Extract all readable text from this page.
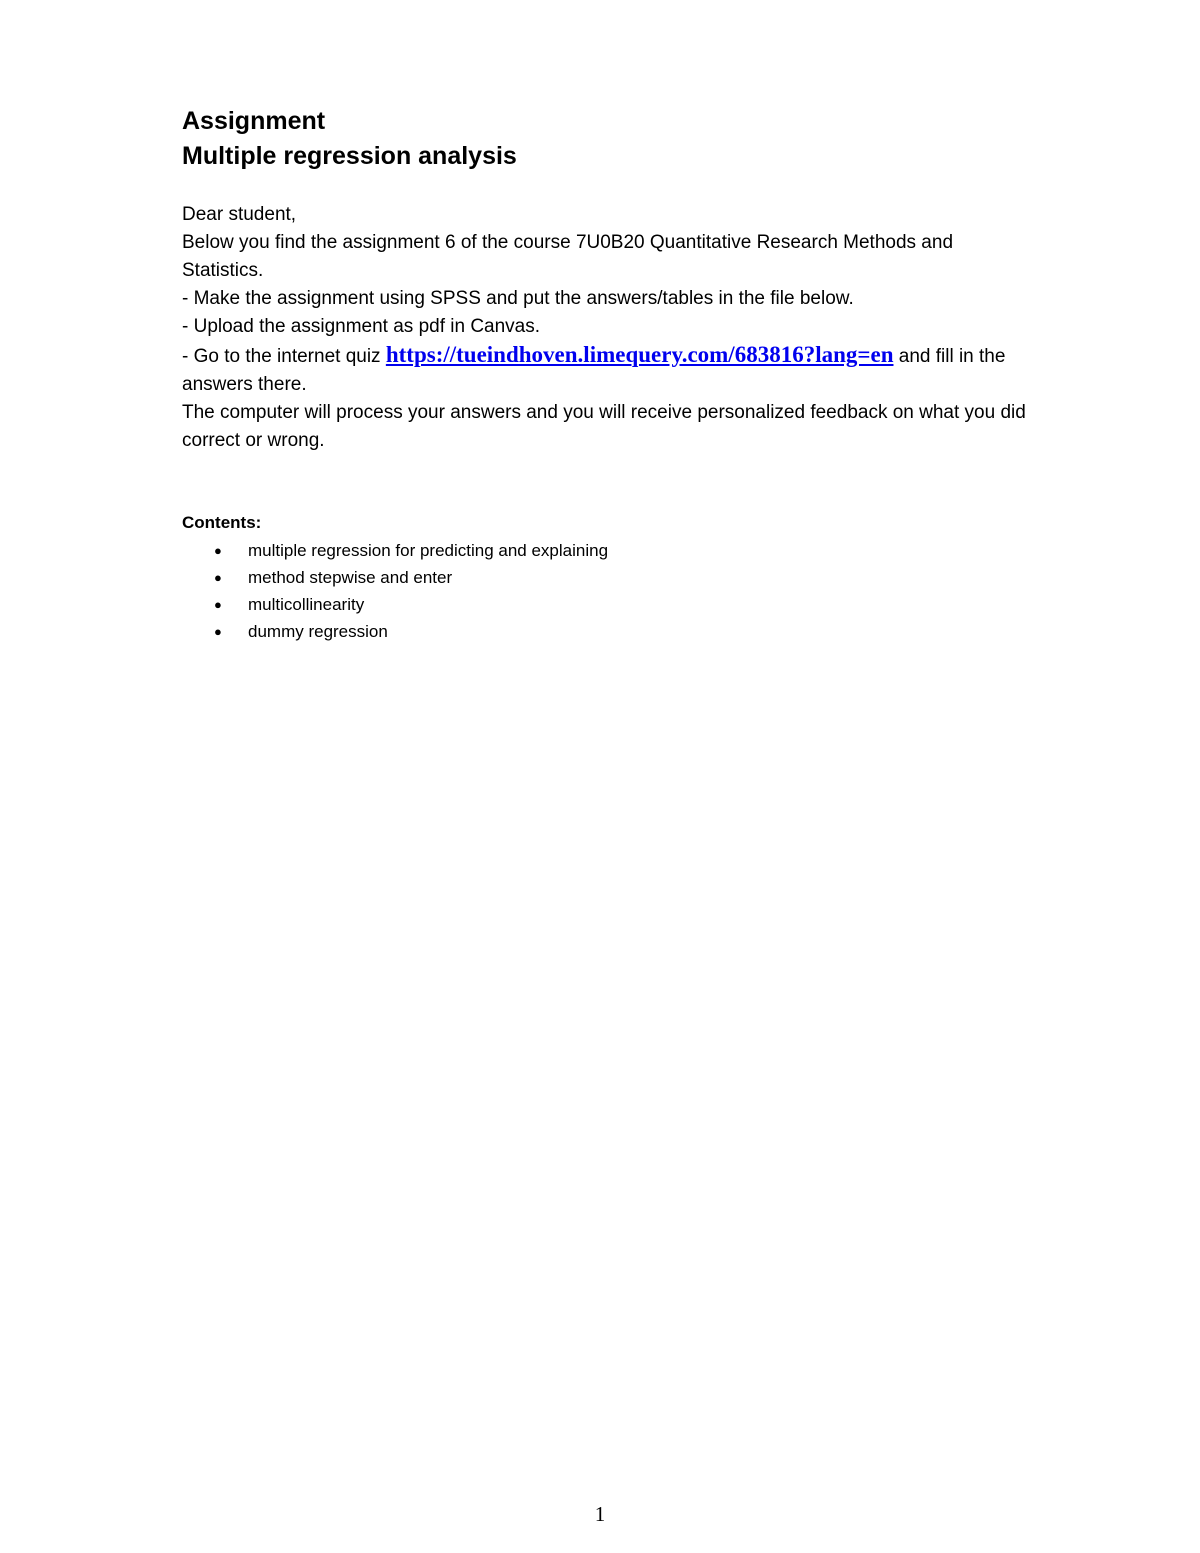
Assignment
Multiple regression analysis

Dear student,

Below you find the assignment 6 of the course 7U0B20 Quantitative Research Methods and Statistics.

- Make the assignment using SPSS and put the answers/tables in the file below.

- Upload the assignment as pdf in Canvas.

- Go to the internet quiz https://tueindhoven.limequery.com/683816?lang=en and fill in the answers there.

The computer will process your answers and you will receive personalized feedback on what you did correct or wrong.

Contents:
● multiple regression for predicting and explaining
● method stepwise and enter
● multicollinearity
● dummy regression
1
